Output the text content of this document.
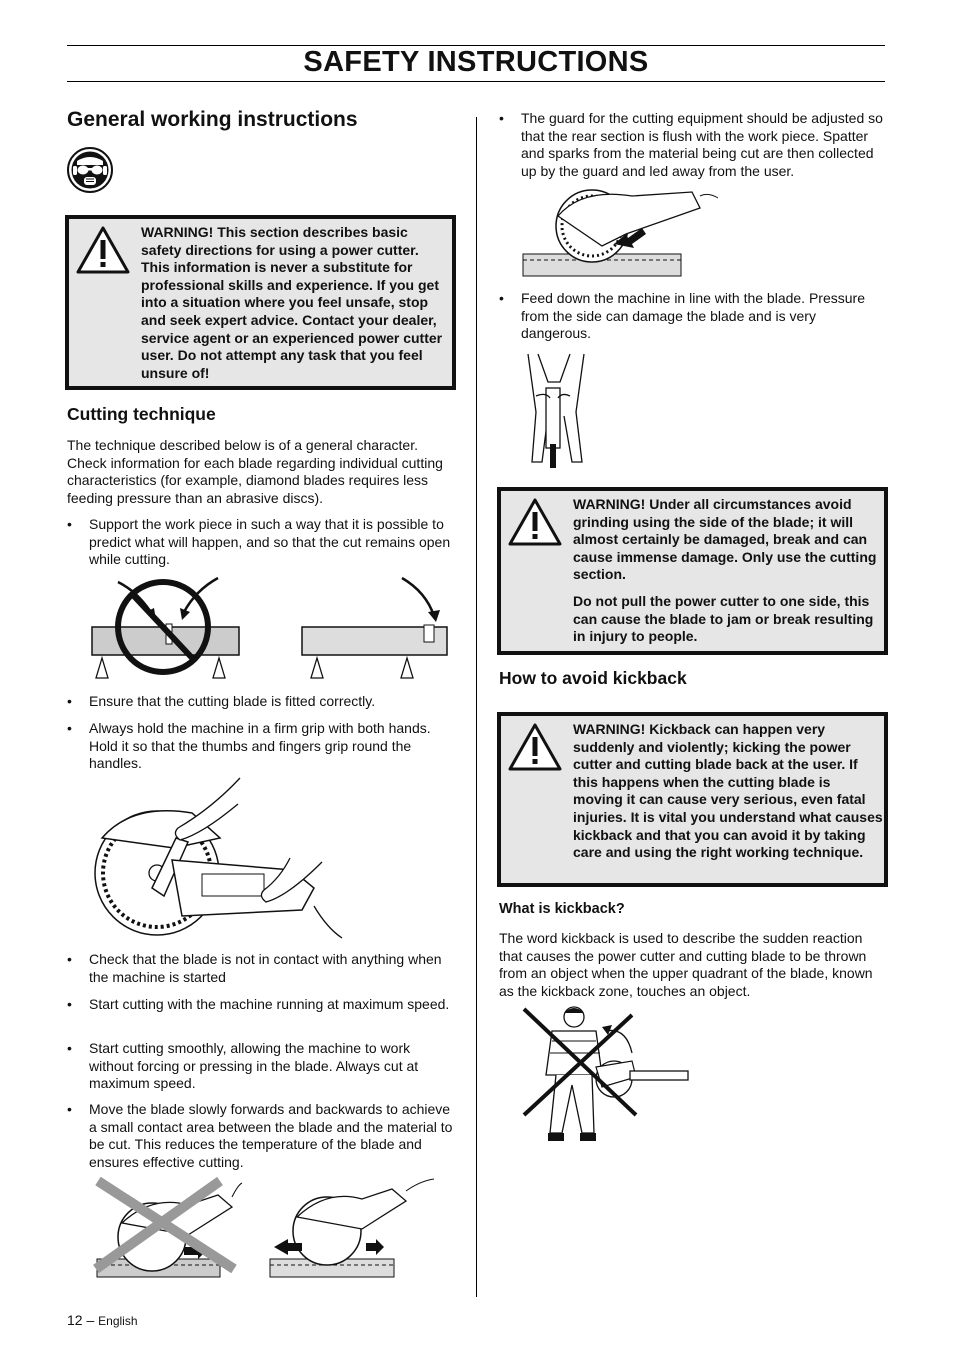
SAFETY INSTRUCTIONS
General working instructions
WARNING! This section describes basic safety directions for using a power cutter. This information is never a substitute for professional skills and experience. If you get into a situation where you feel unsafe, stop and seek expert advice. Contact your dealer, service agent or an experienced power cutter user. Do not attempt any task that you feel unsure of!
Cutting technique

The technique described below is of a general character. Check information for each blade regarding individual cutting characteristics (for example, diamond blades requires less feeding pressure than an abrasive discs).

• Support the work piece in such a way that it is possible to predict what will happen, and so that the cut remains open while cutting.
• Ensure that the cutting blade is fitted correctly.
• Always hold the machine in a firm grip with both hands. Hold it so that the thumbs and fingers grip round the handles.
• Check that the blade is not in contact with anything when the machine is started
• Start cutting with the machine running at maximum speed.
• Start cutting smoothly, allowing the machine to work without forcing or pressing in the blade. Always cut at maximum speed.
• Move the blade slowly forwards and backwards to achieve a small contact area between the blade and the material to be cut. This reduces the temperature of the blade and ensures effective cutting.
12 – English
• The guard for the cutting equipment should be adjusted so that the rear section is flush with the work piece. Spatter and sparks from the material being cut are then collected up by the guard and led away from the user.
• Feed down the machine in line with the blade. Pressure from the side can damage the blade and is very dangerous.
WARNING! Under all circumstances avoid grinding using the side of the blade; it will almost certainly be damaged, break and can cause immense damage. Only use the cutting section.
Do not pull the power cutter to one side, this can cause the blade to jam or break resulting in injury to people.
How to avoid kickback
WARNING! Kickback can happen very suddenly and violently; kicking the power cutter and cutting blade back at the user. If this happens when the cutting blade is moving it can cause very serious, even fatal injuries. It is vital you understand what causes kickback and that you can avoid it by taking care and using the right working technique.
What is kickback?

The word kickback is used to describe the sudden reaction that causes the power cutter and cutting blade to be thrown from an object when the upper quadrant of the blade, known as the kickback zone, touches an object.
